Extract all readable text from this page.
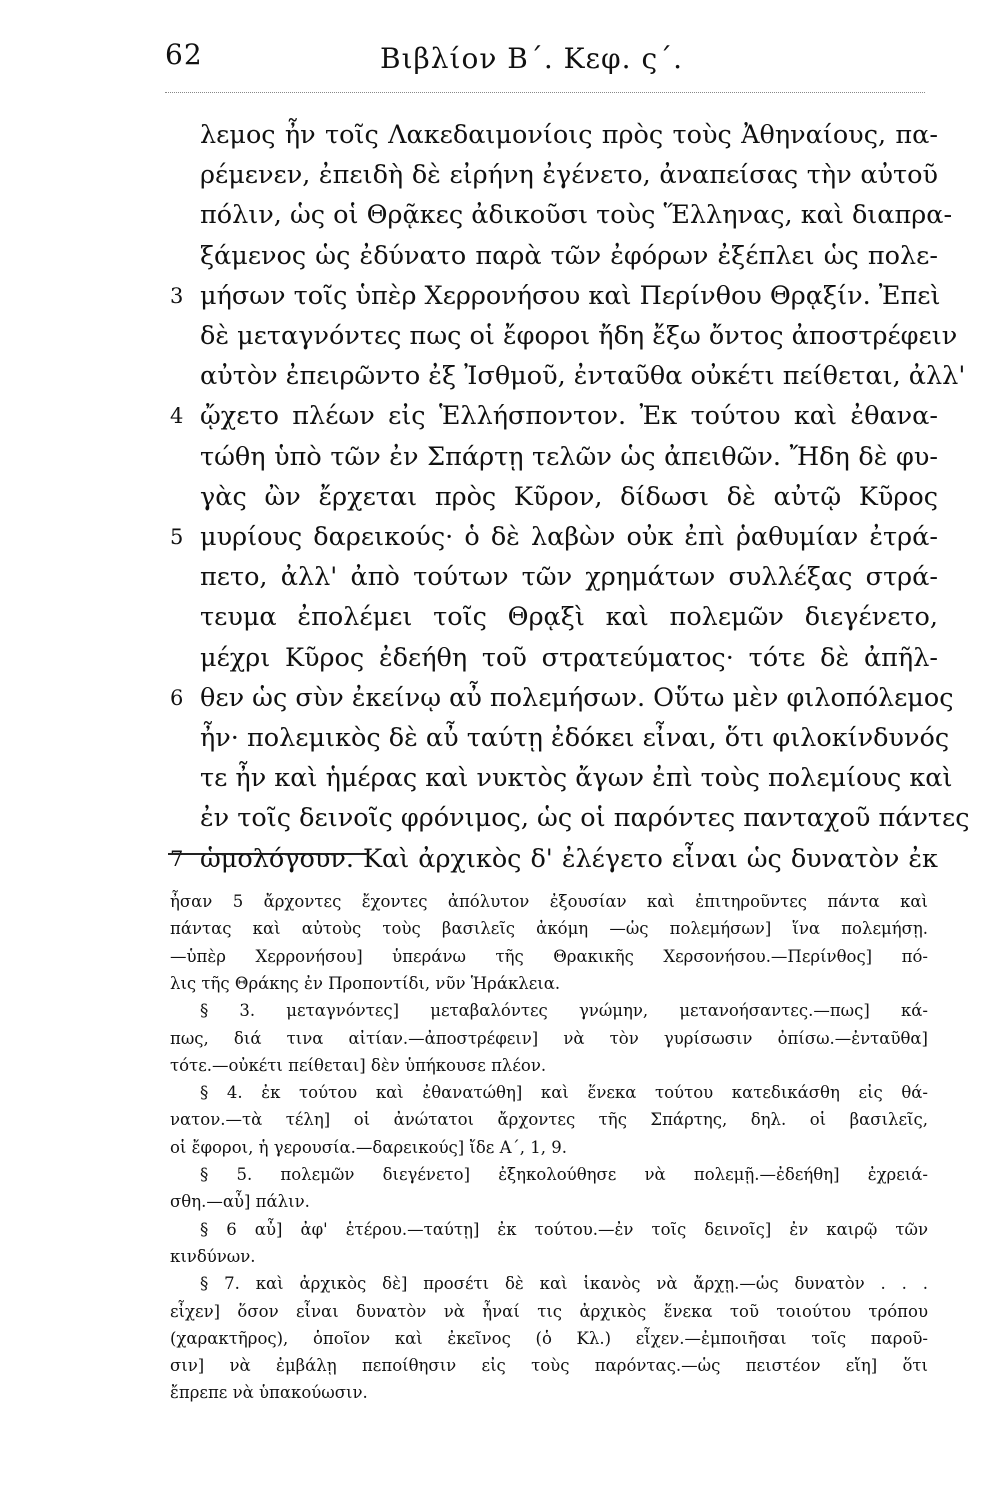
62	Βιβλίον Β΄. Κεφ. ς΄.
λεμος ἦν τοῖς Λακεδαιμονίοις πρὸς τοὺς Ἀθηναίους, πα-
ρέμενεν, ἐπειδὴ δὲ εἰρήνη ἐγένετο, ἀναπείσας τὴν αὐτοῦ
πόλιν, ὡς οἱ Θρᾷκες ἀδικοῦσι τοὺς Ἕλληνας, καὶ διαπρα-
ξάμενος ὡς ἐδύνατο παρὰ τῶν ἐφόρων ἐξέπλει ὡς πολε-
μήσων τοῖς ὑπὲρ Χερρονήσου καὶ Περίνθου Θρᾳξίν. Ἐπεὶ
δὲ μεταγνόντες πως οἱ ἔφοροι ἤδη ἔξω ὄντος ἀποστρέφειν
αὐτὸν ἐπειρῶντο ἐξ Ἰσθμοῦ, ἐνταῦθα οὐκέτι πείθεται, ἀλλ'
ᾤχετο πλέων εἰς Ἑλλήσποντον. Ἐκ τούτου καὶ ἐθανα-
τώθη ὑπὸ τῶν ἐν Σπάρτῃ τελῶν ὡς ἀπειθῶν. Ἤδη δὲ φυ-
γὰς ὢν ἔρχεται πρὸς Κῦρον, δίδωσι δὲ αὐτῷ Κῦρος
μυρίους δαρεικούς· ὁ δὲ λαβὼν οὐκ ἐπὶ ῥαθυμίαν ἐτρά-
πετο, ἀλλ' ἀπὸ τούτων τῶν χρημάτων συλλέξας στρά-
τευμα ἐπολέμει τοῖς Θρᾳξὶ καὶ πολεμῶν διεγένετο,
μέχρι Κῦρος ἐδεήθη τοῦ στρατεύματος· τότε δὲ ἀπῆλ-
θεν ὡς σὺν ἐκείνῳ αὖ πολεμήσων. Οὕτω μὲν φιλοπόλεμος
ἦν· πολεμικὸς δὲ αὖ ταύτῃ ἐδόκει εἶναι, ὅτι φιλοκίνδυνός
τε ἦν καὶ ἡμέρας καὶ νυκτὸς ἄγων ἐπὶ τοὺς πολεμίους καὶ
ἐν τοῖς δεινοῖς φρόνιμος, ὡς οἱ παρόντες πανταχοῦ πάντες
ὡμολόγουν. Καὶ ἀρχικὸς δ' ἐλέγετο εἶναι ὡς δυνατὸν ἐκ
3
4
5
6
7
ἦσαν 5 ἄρχοντες ἔχοντες ἀπόλυτον ἐξουσίαν καὶ ἐπιτηροῦντες πάντα καὶ
πάντας καὶ αὐτοὺς τοὺς βασιλεῖς ἀκόμη —ὡς πολεμήσων] ἵνα πολεμήσῃ.
—ὑπὲρ Χερρονήσου] ὑπεράνω τῆς Θρακικῆς Χερσονήσου.—Περίνθος] πό-
λις τῆς Θράκης ἐν Προποντίδι, νῦν Ἡράκλεια.
§ 3. μεταγνόντες] μεταβαλόντες γνώμην, μετανοήσαντες.—πως] κά-
πως, διά τινα αἰτίαν.—ἀποστρέφειν] νὰ τὸν γυρίσωσιν ὀπίσω.—ἐνταῦθα]
τότε.—οὐκέτι πείθεται] δὲν ὑπήκουσε πλέον.
§ 4. ἐκ τούτου καὶ ἐθανατώθη] καὶ ἕνεκα τούτου κατεδικάσθη εἰς θά-
νατον.—τὰ τέλη] οἱ ἀνώτατοι ἄρχοντες τῆς Σπάρτης, δηλ. οἱ βασιλεῖς,
οἱ ἔφοροι, ἡ γερουσία.—δαρεικούς] ἴδε Α΄, 1, 9.
§ 5. πολεμῶν διεγένετο] ἐξηκολούθησε νὰ πολεμῇ.—ἐδεήθη] ἐχρειά-
σθη.—αὖ] πάλιν.
§ 6 αὖ] ἀφ' ἑτέρου.—ταύτῃ] ἐκ τούτου.—ἐν τοῖς δεινοῖς] ἐν καιρῷ τῶν
κινδύνων.
§ 7. καὶ ἀρχικὸς δὲ] προσέτι δὲ καὶ ἱκανὸς νὰ ἄρχῃ.—ὡς δυνατὸν . . .
εἶχεν] ὅσον εἶναι δυνατὸν νὰ ἦναί τις ἀρχικὸς ἕνεκα τοῦ τοιούτου τρόπου
(χαρακτῆρος), ὁποῖον καὶ ἐκεῖνος (ὁ Κλ.) εἶχεν.—ἐμποιῆσαι τοῖς παροῦ-
σιν] νὰ ἐμβάλῃ πεποίθησιν εἰς τοὺς παρόντας.—ὡς πειστέον εἴη] ὅτι
ἔπρεπε νὰ ὑπακούωσιν.
